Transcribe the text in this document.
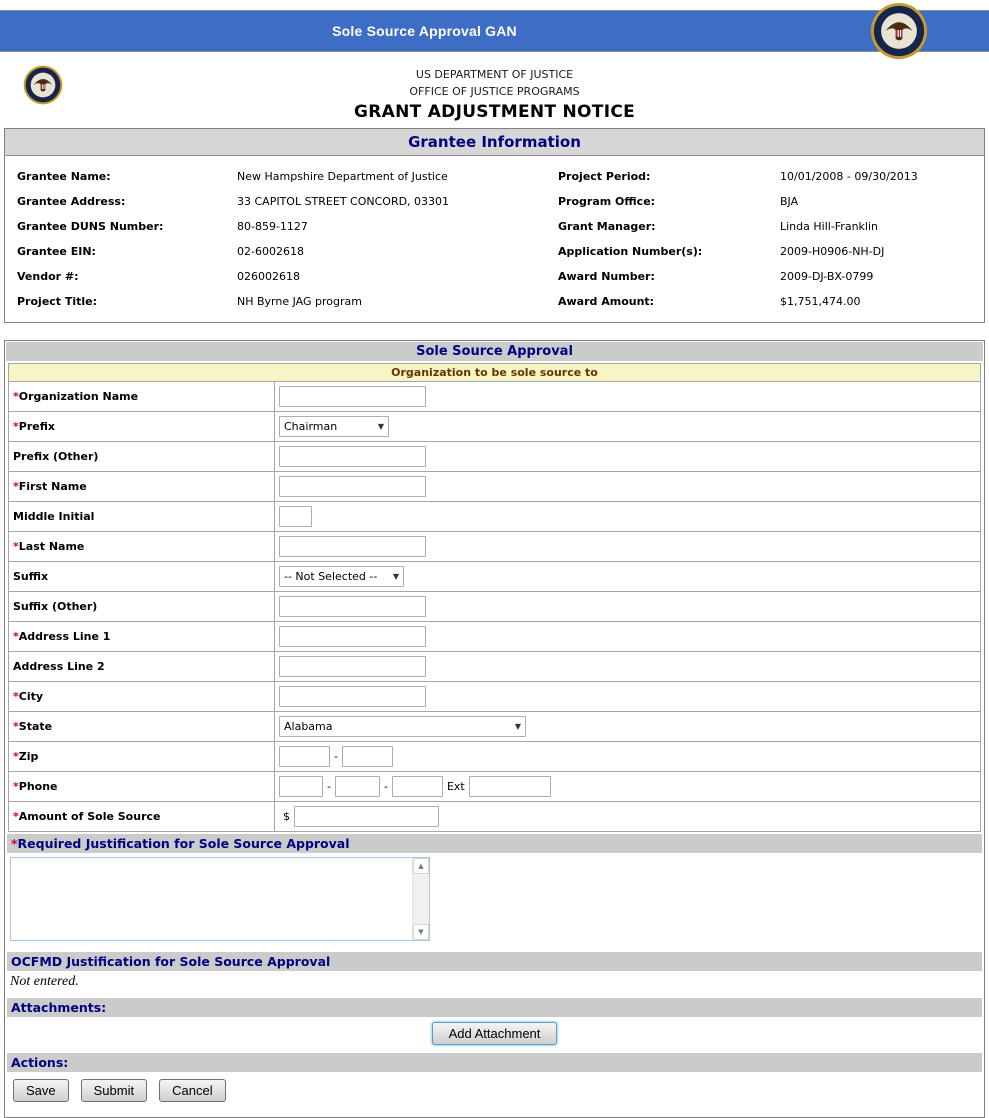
Sole Source Approval GAN
US DEPARTMENT OF JUSTICE
OFFICE OF JUSTICE PROGRAMS
GRANT ADJUSTMENT NOTICE
Grantee Information
Grantee Name:	New Hampshire Department of Justice	Project Period:	10/01/2008 - 09/30/2013
Grantee Address:	33 CAPITOL STREET CONCORD, 03301	Program Office:	BJA
Grantee DUNS Number:	80-859-1127	Grant Manager:	Linda Hill-Franklin
Grantee EIN:	02-6002618	Application Number(s):	2009-H0906-NH-DJ
Vendor #:	026002618	Award Number:	2009-DJ-BX-0799
Project Title:	NH Byrne JAG program	Award Amount:	$1,751,474.00
Sole Source Approval
Organization to be sole source to	
*Organization Name	
*Prefix	Chairman ▼

Prefix (Other)	
*First Name	
Middle Initial	
*Last Name	
Suffix	-- Not Selected -- ▼

Suffix (Other)	
*Address Line 1	
Address Line 2	
*City	
*State	Alabama ▼

*Zip	-
*Phone	- - Ext
*Amount of Sole Source	$
*Required Justification for Sole Source Approval
▲
▼
OCFMD Justification for Sole Source Approval
Not entered.
Attachments:
Add Attachment
Actions:
Save	Submit	Cancel
